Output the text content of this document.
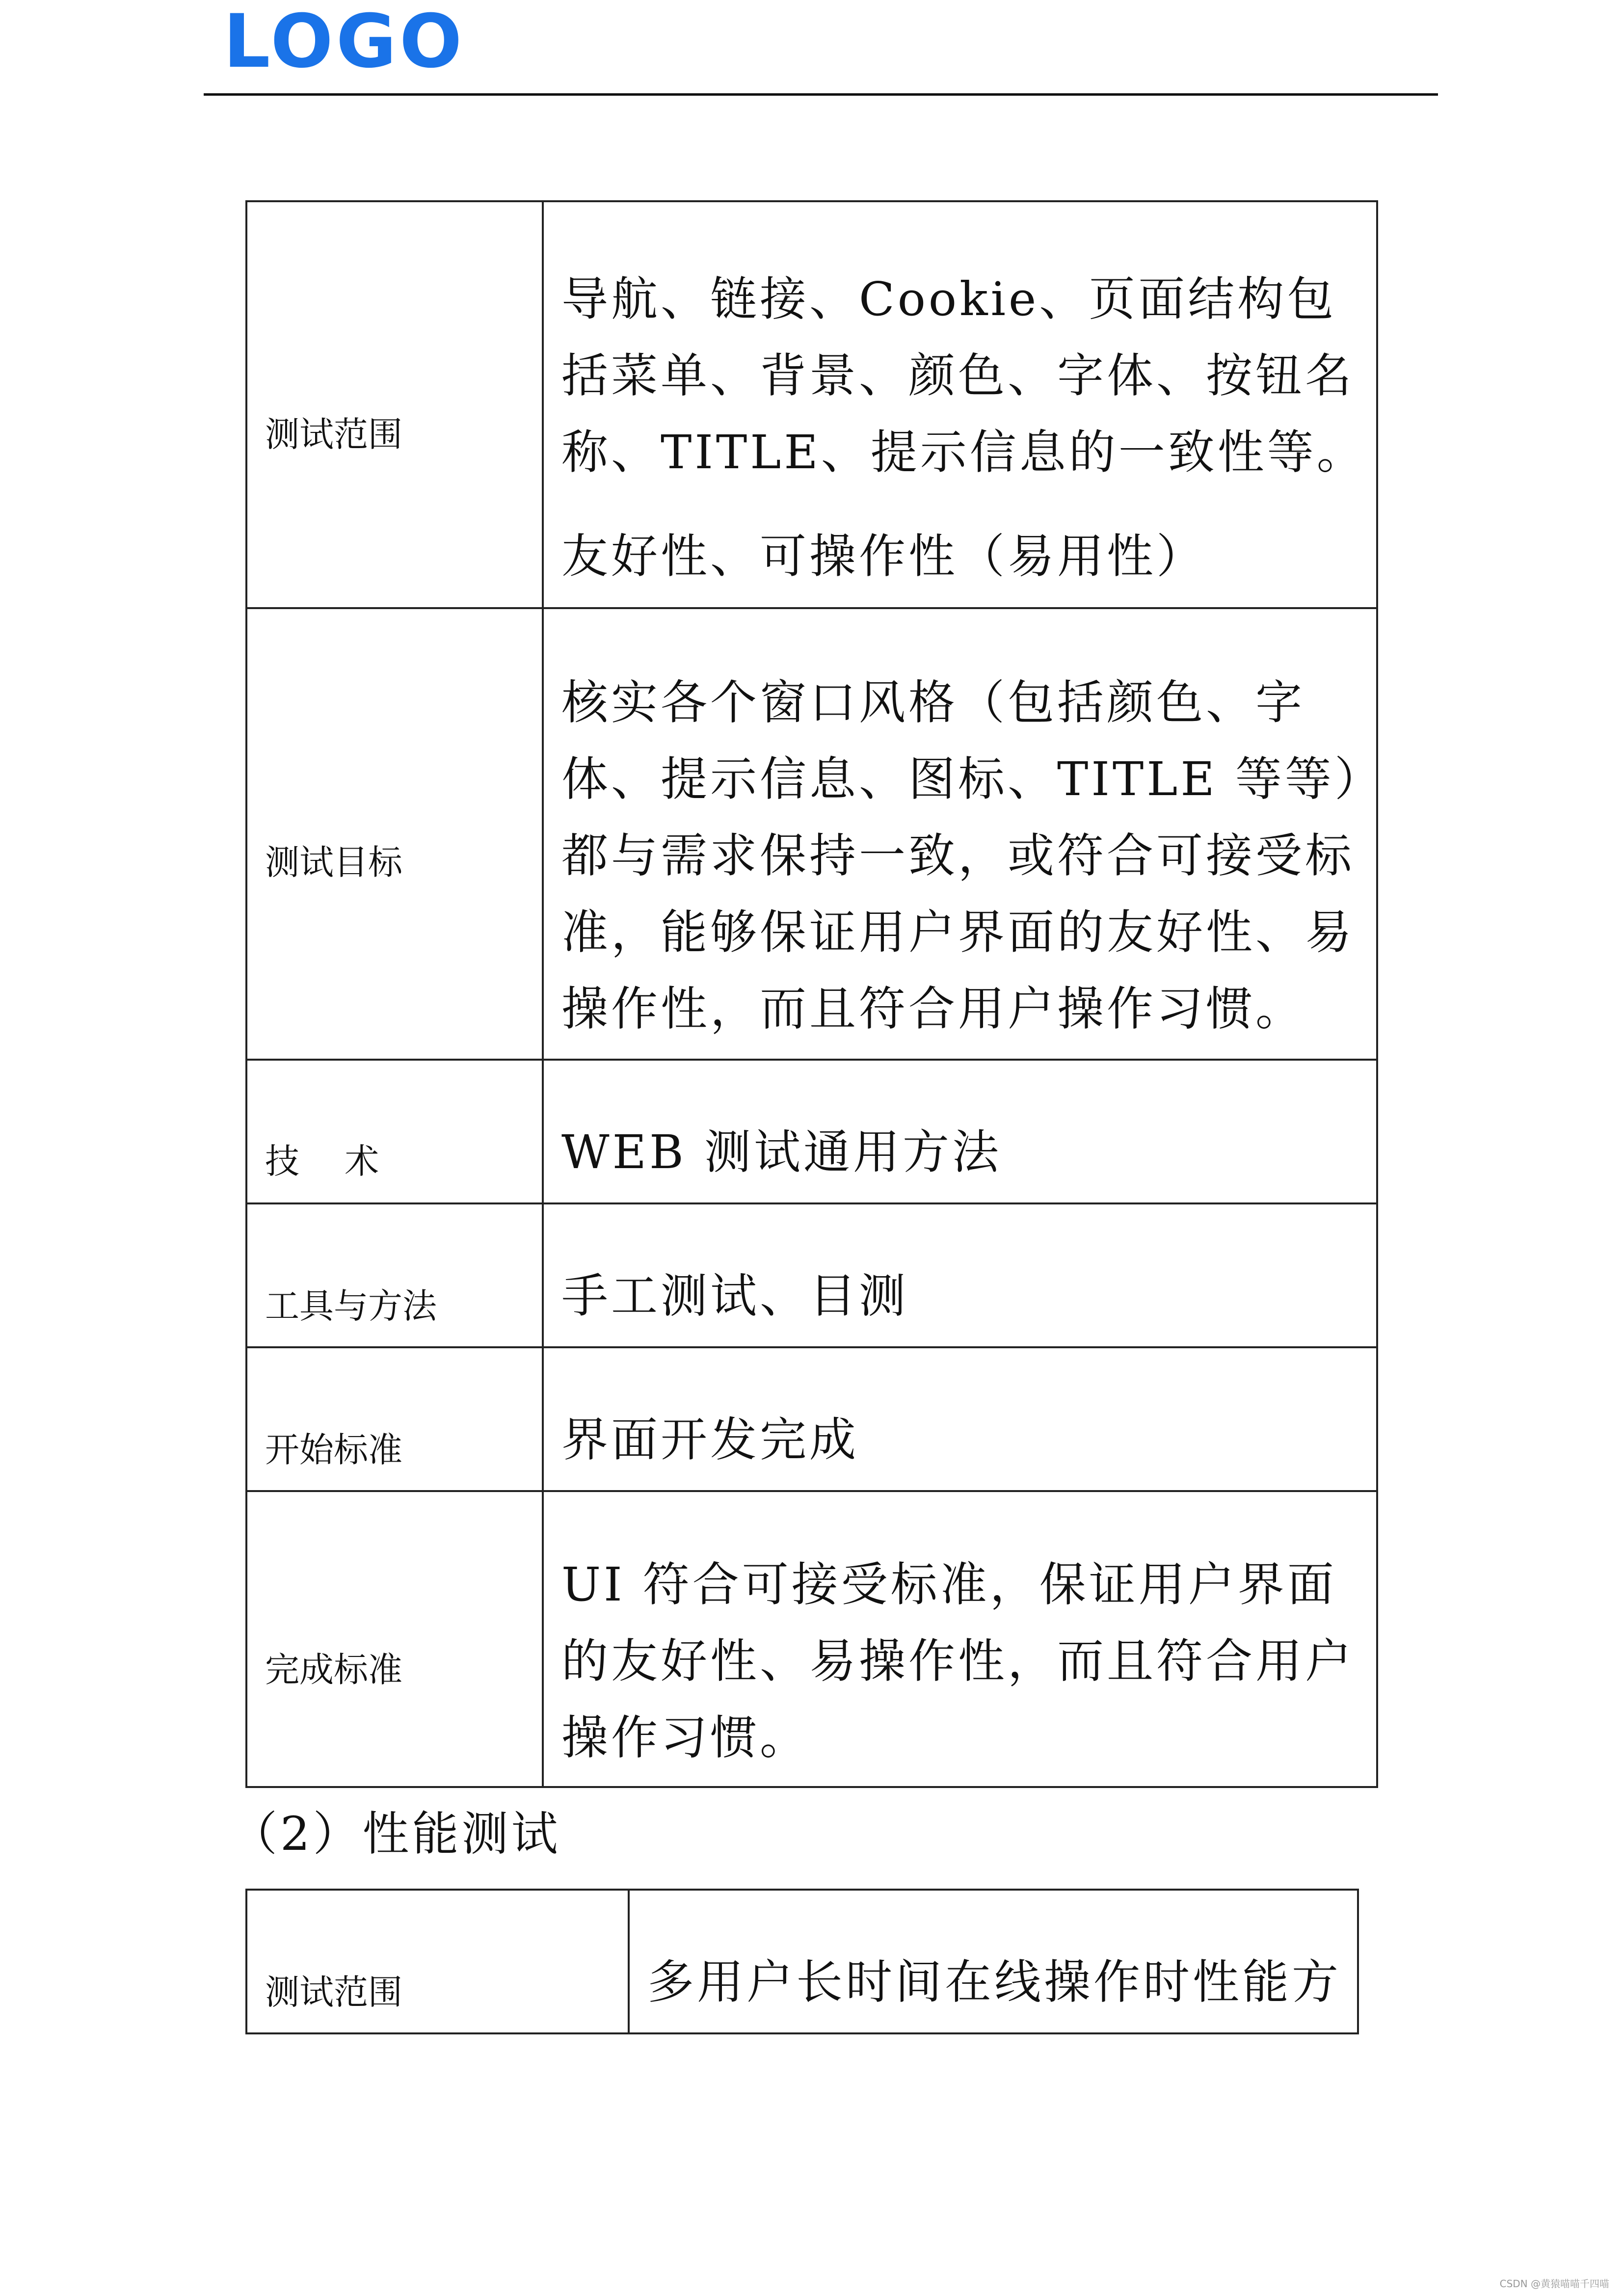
LOGO
测试范围	导航、链接、Cookie、页面结构包括菜单、背景、颜色、字体、按钮名称、TITLE、提示信息的一致性等。

友好性、可操作性（易用性）

测试目标	核实各个窗口风格（包括颜色、字体、提示信息、图标、TITLE 等等）都与需求保持一致，或符合可接受标准，能够保证用户界面的友好性、易操作性，而且符合用户操作习惯。

技　 术	WEB 测试通用方法

工具与方法	手工测试、目测

开始标准	界面开发完成

完成标准	UI 符合可接受标准，保证用户界面的友好性、易操作性，而且符合用户操作习惯。

（2）性能测试
测试范围	多用户长时间在线操作时性能方

CSDN @黄猿喵喵千四喵
